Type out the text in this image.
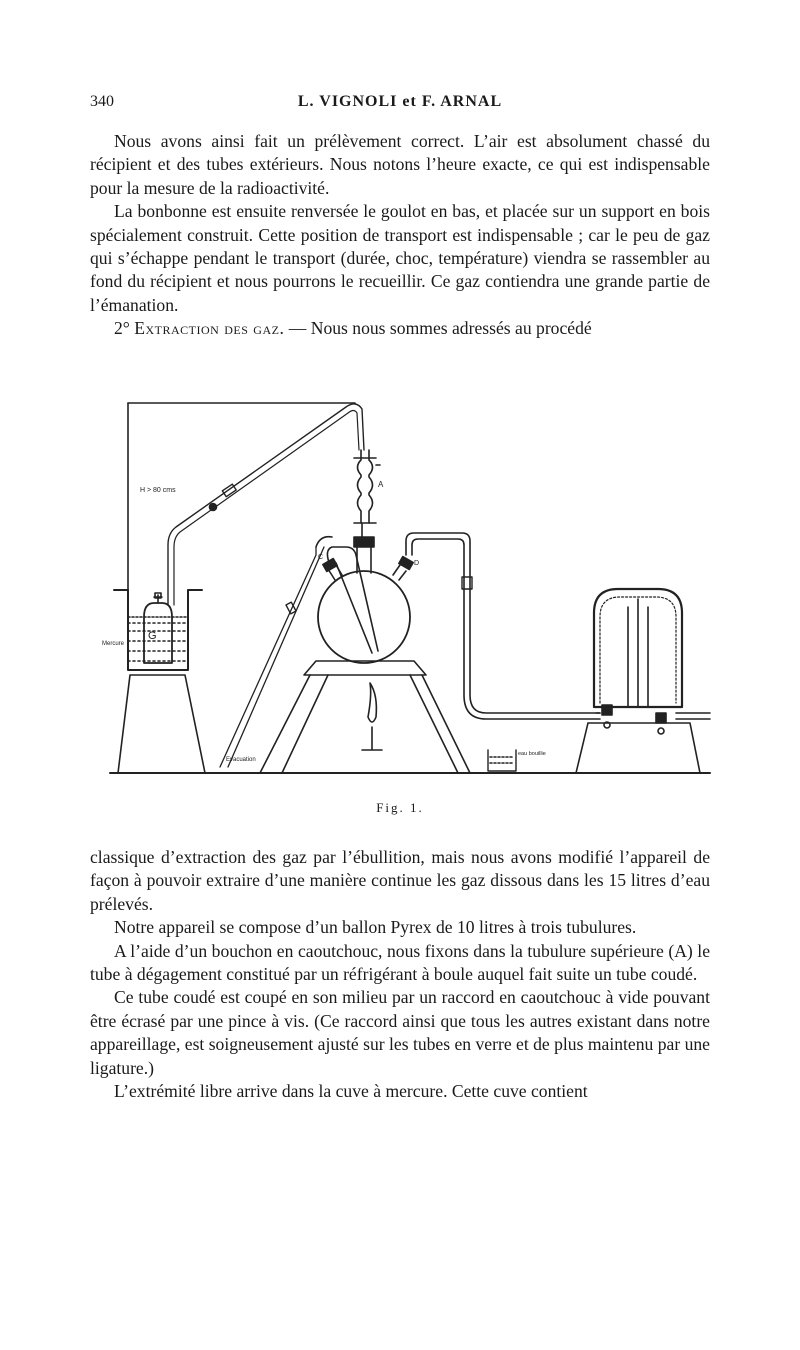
340	L. VIGNOLI et F. ARNAL

Nous avons ainsi fait un prélèvement correct. L’air est absolument chassé du récipient et des tubes extérieurs. Nous notons l’heure exacte, ce qui est indispensable pour la mesure de la radioactivité.

La bonbonne est ensuite renversée le goulot en bas, et placée sur un support en bois spécialement construit. Cette position de transport est indispensable ; car le peu de gaz qui s’échappe pendant le transport (durée, choc, température) viendra se rassembler au fond du récipient et nous pourrons le recueillir. Ce gaz contiendra une grande partie de l’émanation.

2° Extraction des gaz. — Nous nous sommes adressés au procédé

H > 80 cms
Mercure
G
A
C
D
Evacuation
eau bouillie
Fig. 1.

classique d’extraction des gaz par l’ébullition, mais nous avons modifié l’appareil de façon à pouvoir extraire d’une manière continue les gaz dissous dans les 15 litres d’eau prélevés.

Notre appareil se compose d’un ballon Pyrex de 10 litres à trois tubulures.

A l’aide d’un bouchon en caoutchouc, nous fixons dans la tubulure supérieure (A) le tube à dégagement constitué par un réfrigérant à boule auquel fait suite un tube coudé.

Ce tube coudé est coupé en son milieu par un raccord en caoutchouc à vide pouvant être écrasé par une pince à vis. (Ce raccord ainsi que tous les autres existant dans notre appareillage, est soigneusement ajusté sur les tubes en verre et de plus maintenu par une ligature.)

L’extrémité libre arrive dans la cuve à mercure. Cette cuve contient
